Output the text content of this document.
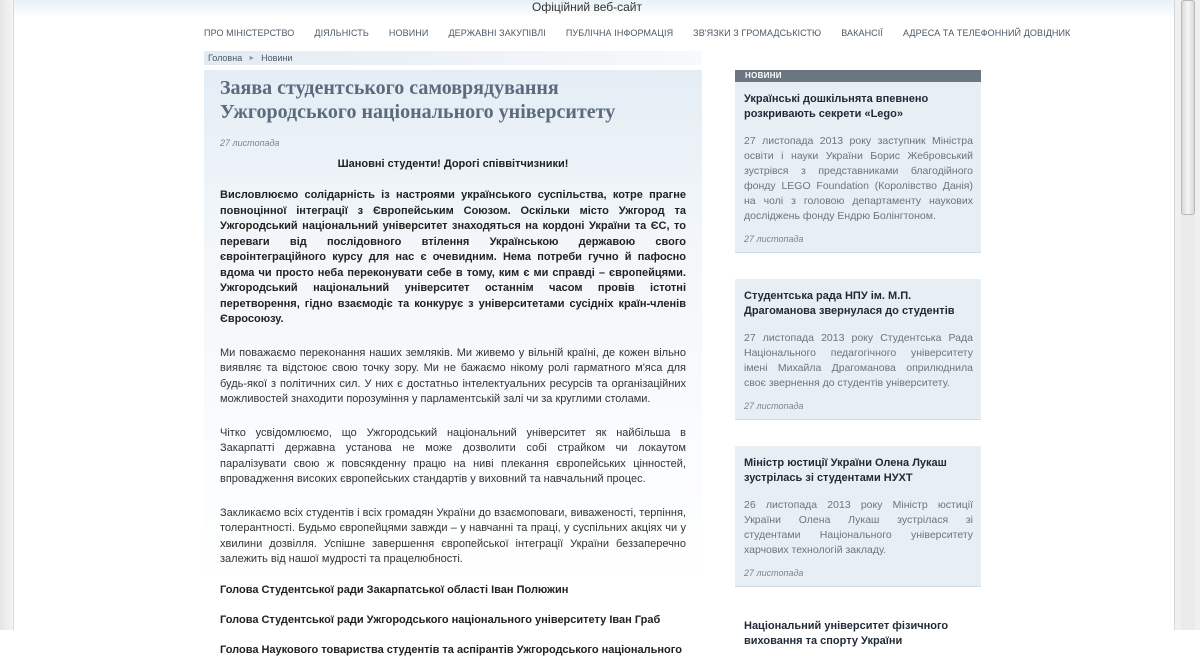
Офіційний веб-сайт
ПРО МІНІСТЕРСТВО ДІЯЛЬНІСТЬ НОВИНИ ДЕРЖАВНІ ЗАКУПІВЛІ ПУБЛІЧНА ІНФОРМАЦІЯ ЗВ'ЯЗКИ З ГРОМАДСЬКІСТЮ ВАКАНСІЇ АДРЕСА ТА ТЕЛЕФОННИЙ ДОВІДНИК
Головна ► Новини
Заява студентського самоврядування Ужгородського національного університету
27 листопада
Шановні студенти! Дорогі співвітчизники!

Висловлюємо солідарність із настроями українського суспільства, котре прагне повноцінної інтеграції з Європейським Союзом. Оскільки місто Ужгород та Ужгородський національний університет знаходяться на кордоні України та ЄС, то переваги від послідовного втілення Українською державою свого євроінтеграційного курсу для нас є очевидним. Нема потреби гучно й пафосно вдома чи просто неба переконувати себе в тому, ким є ми справді – європейцями. Ужгородський національний університет останнім часом провів істотні перетворення, гідно взаємодіє та конкурує з університетами сусідніх країн-членів Євросоюзу.

Ми поважаємо переконання наших земляків. Ми живемо у вільній країні, де кожен вільно виявляє та відстоює свою точку зору. Ми не бажаємо нікому ролі гарматного м'яса для будь-якої з політичних сил. У них є достатньо інтелектуальних ресурсів та організаційних можливостей знаходити порозуміння у парламентській залі чи за круглими столами.

Чітко усвідомлюємо, що Ужгородський національний університет як найбільша в Закарпатті державна установа не може дозволити собі страйком чи локаутом паралізувати свою ж повсякденну працю на ниві плекання європейських цінностей, впровадження високих європейських стандартів у виховний та навчальний процес.

Закликаємо всіх студентів і всіх громадян України до взаємоповаги, виваженості, терпіння, толерантності. Будьмо європейцями завжди – у навчанні та праці, у суспільних акціях чи у хвилини дозвілля. Успішне завершення європейської інтеграції України беззаперечно залежить від нашої мудрості та працелюбності.

Голова Студентської ради Закарпатської області Іван Полюжин
Голова Студентської ради Ужгородського національного університету Іван Граб
Голова Наукового товариства студентів та аспірантів Ужгородського національного
НОВИНИ
Українські дошкільнята впевнено розкривають секрети «Lego»
27 листопада 2013 року заступник Міністра освіти і науки України Борис Жебровський зустрівся з представниками благодійного фонду LEGO Foundation (Королівство Данія) на чолі з головою департаменту наукових досліджень фонду Ендрю Болінгтоном.
27 листопада
Студентська рада НПУ ім. М.П. Драгоманова звернулася до студентів
27 листопада 2013 року Студентська Рада Національного педагогічного університету імені Михайла Драгоманова оприлюднила своє звернення до студентів університету.
27 листопада
Міністр юстиції України Олена Лукаш зустрілась зі студентами НУХТ
26 листопада 2013 року Міністр юстиції України Олена Лукаш зустрілася зі студентами Національного університету харчових технологій закладу.
27 листопада
Національний університет фізичного виховання та спорту України
